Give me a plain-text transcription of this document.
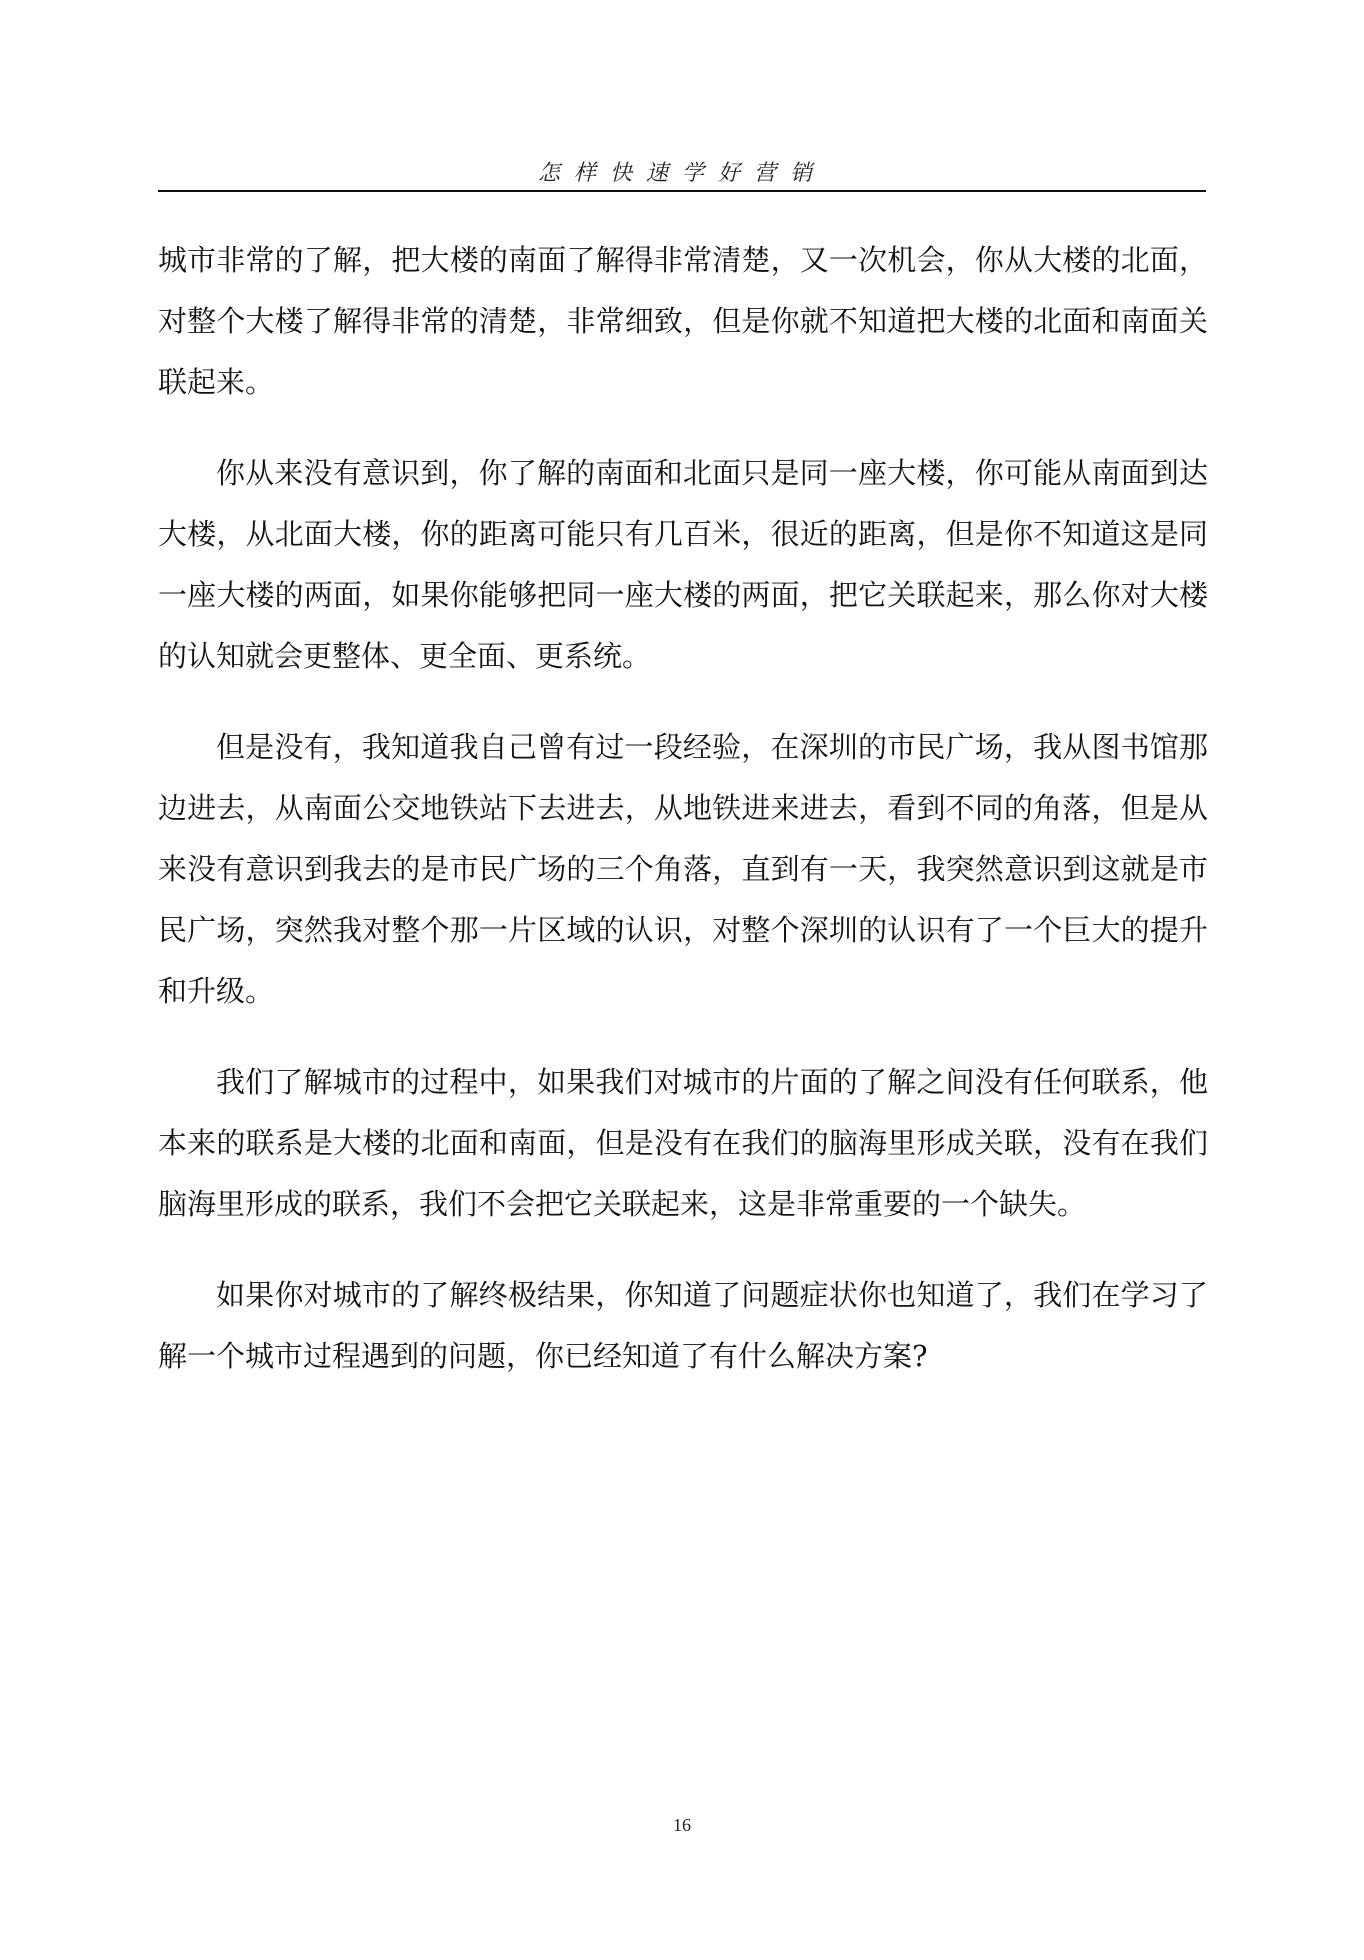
怎样快速学好营销

城市非常的了解，把大楼的南面了解得非常清楚，又一次机会，你从大楼的北面，对整个大楼了解得非常的清楚，非常细致，但是你就不知道把大楼的北面和南面关联起来。

你从来没有意识到，你了解的南面和北面只是同一座大楼，你可能从南面到达大楼，从北面大楼，你的距离可能只有几百米，很近的距离，但是你不知道这是同一座大楼的两面，如果你能够把同一座大楼的两面，把它关联起来，那么你对大楼的认知就会更整体、更全面、更系统。

但是没有，我知道我自己曾有过一段经验，在深圳的市民广场，我从图书馆那边进去，从南面公交地铁站下去进去，从地铁进来进去，看到不同的角落，但是从来没有意识到我去的是市民广场的三个角落，直到有一天，我突然意识到这就是市民广场，突然我对整个那一片区域的认识，对整个深圳的认识有了一个巨大的提升和升级。

我们了解城市的过程中，如果我们对城市的片面的了解之间没有任何联系，他本来的联系是大楼的北面和南面，但是没有在我们的脑海里形成关联，没有在我们脑海里形成的联系，我们不会把它关联起来，这是非常重要的一个缺失。

如果你对城市的了解终极结果，你知道了问题症状你也知道了，我们在学习了解一个城市过程遇到的问题，你已经知道了有什么解决方案?

16
